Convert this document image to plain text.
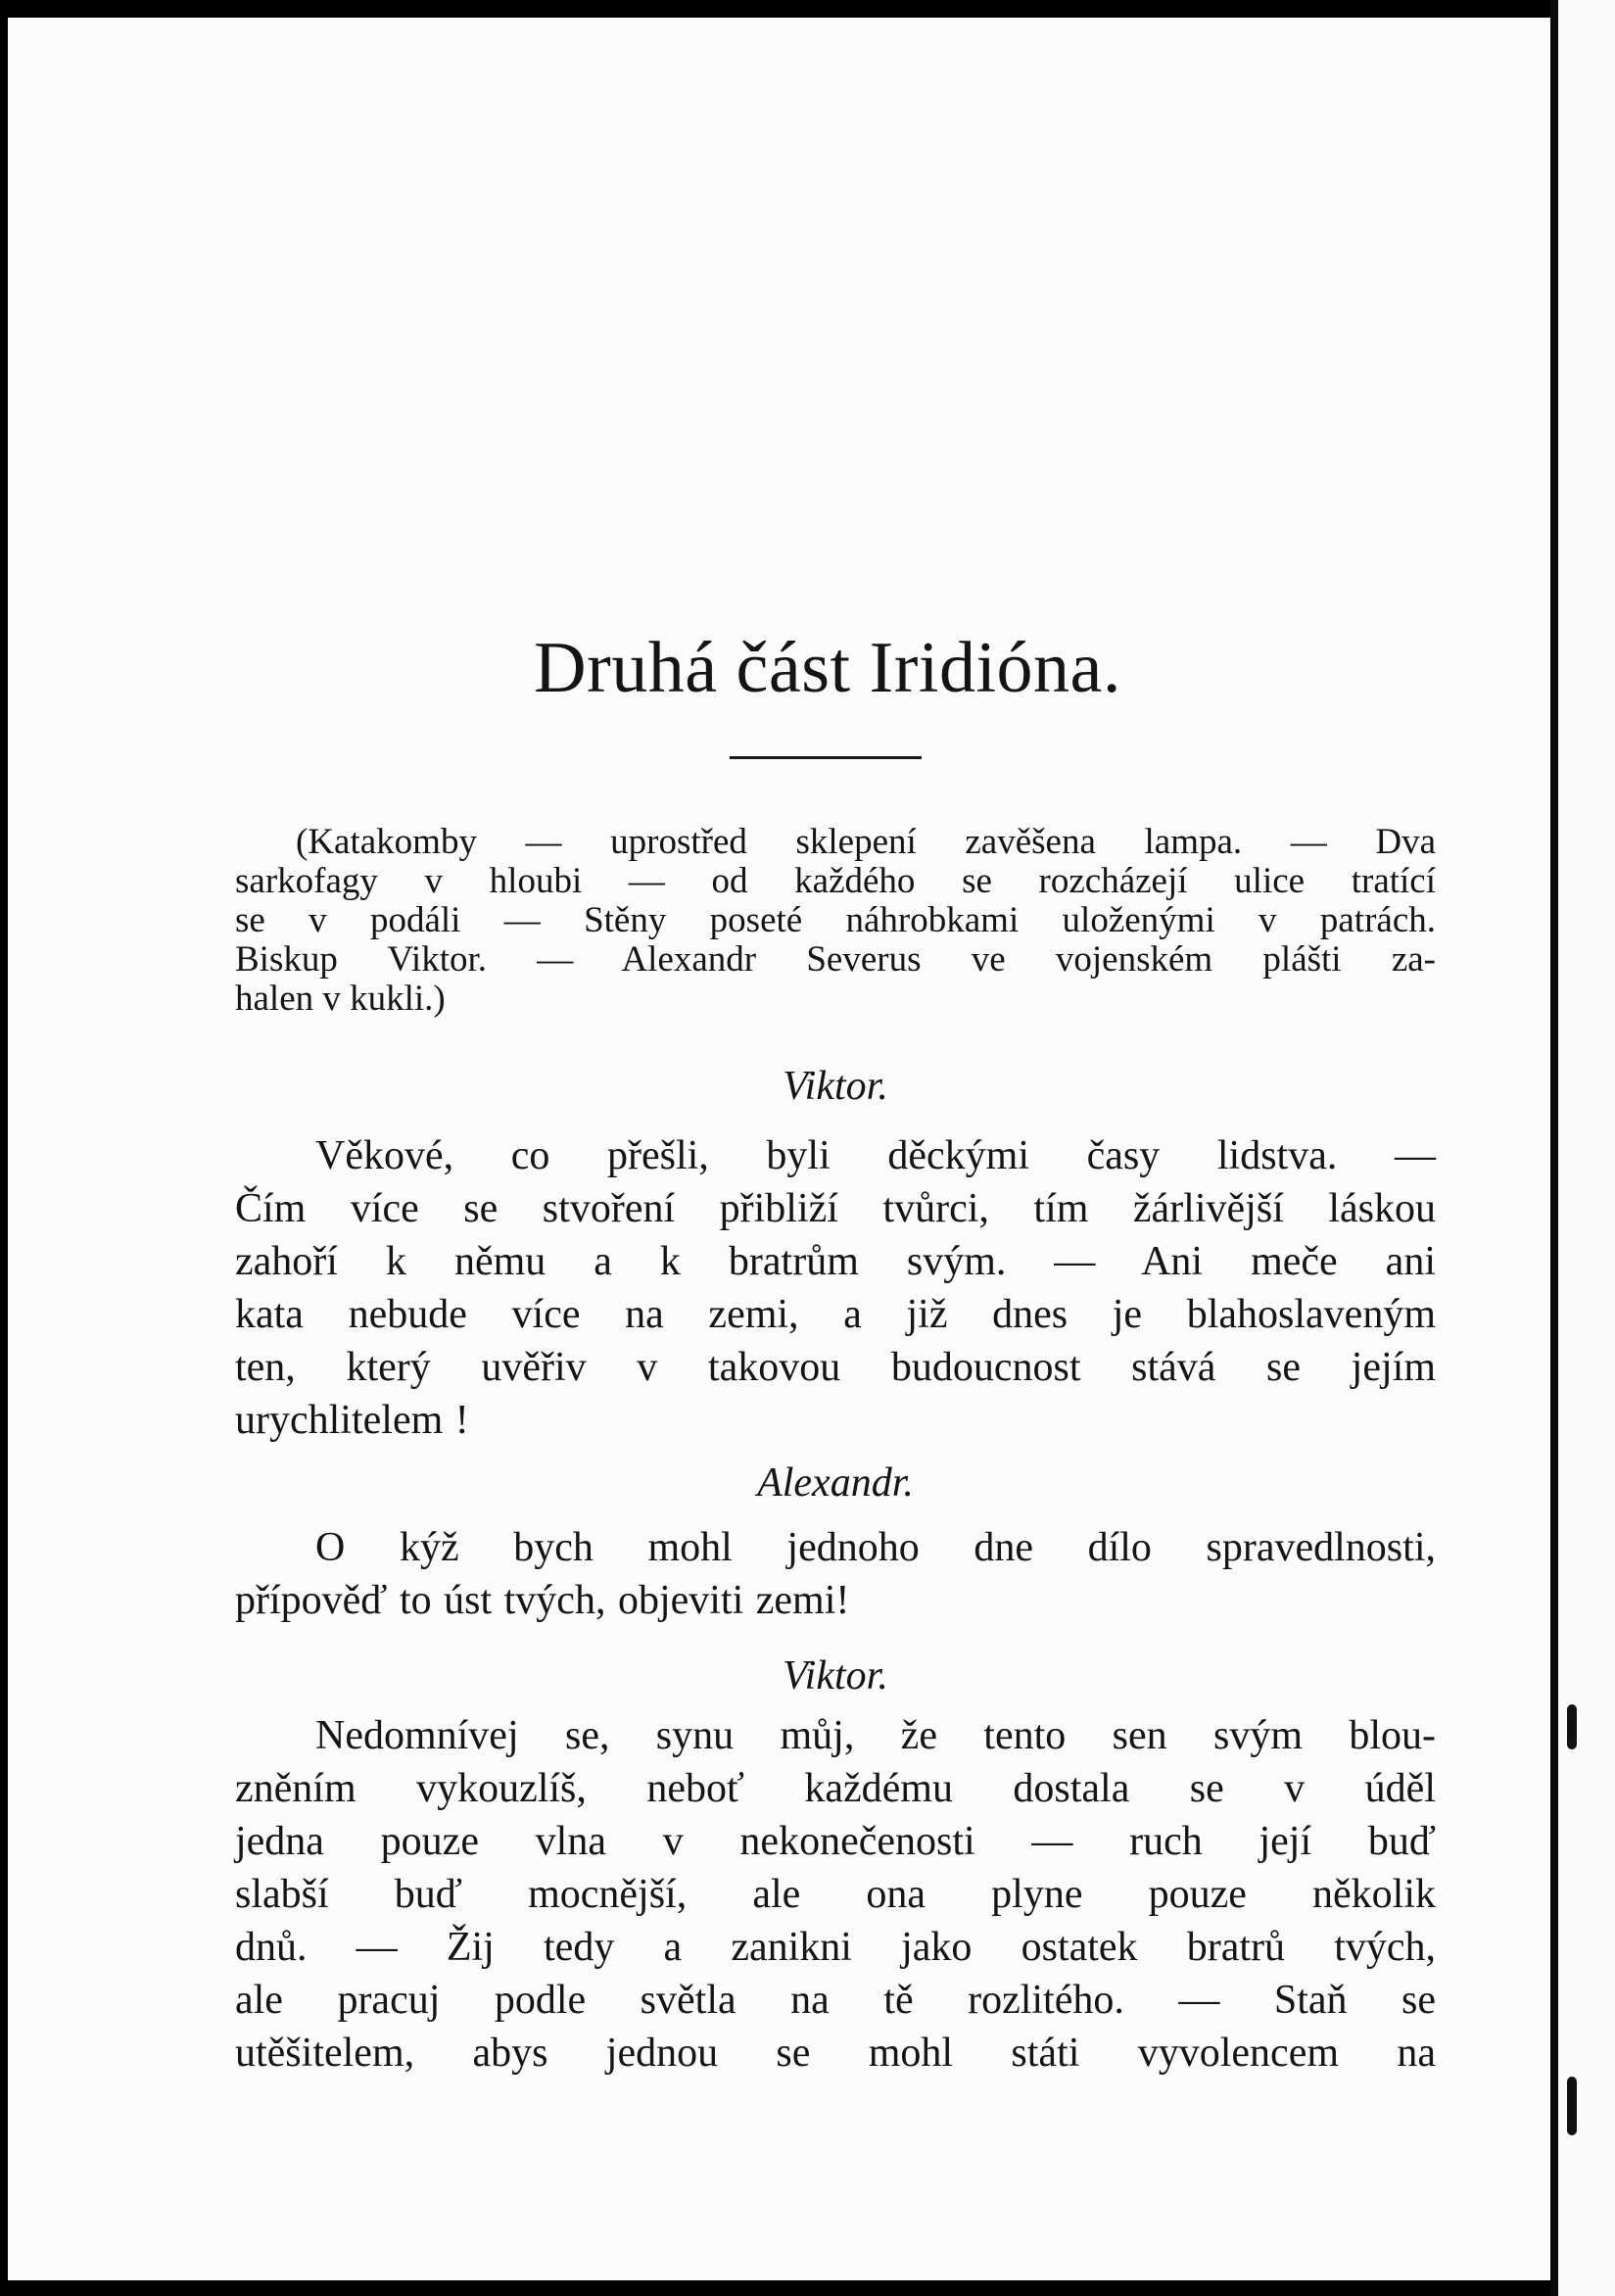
Druhá část Iridióna.
(Katakomby — uprostřed sklepení zavěšena lampa. — Dva
sarkofagy v hloubi — od každého se rozcházejí ulice tratící
se v podáli — Stěny poseté náhrobkami uloženými v patrách.
Biskup Viktor. — Alexandr Severus ve vojenském plášti za-
halen v kukli.)
Viktor.
Věkové, co přešli, byli děckými časy lidstva. —
Čím více se stvoření přibliží tvůrci, tím žárlivější láskou
zahoří k němu a k bratrům svým. — Ani meče ani
kata nebude více na zemi, a již dnes je blahoslaveným
ten, který uvěřiv v takovou budoucnost stává se jejím
urychlitelem !
Alexandr.
O kýž bych mohl jednoho dne dílo spravedlnosti,
přípověď to úst tvých, objeviti zemi!
Viktor.
Nedomnívej se, synu můj, že tento sen svým blou-
zněním vykouzlíš, neboť každému dostala se v úděl
jedna pouze vlna v nekonečenosti — ruch její buď
slabší buď mocnější, ale ona plyne pouze několik
dnů. — Žij tedy a zanikni jako ostatek bratrů tvých,
ale pracuj podle světla na tě rozlitého. — Staň se
utěšitelem, abys jednou se mohl státi vyvolencem na
